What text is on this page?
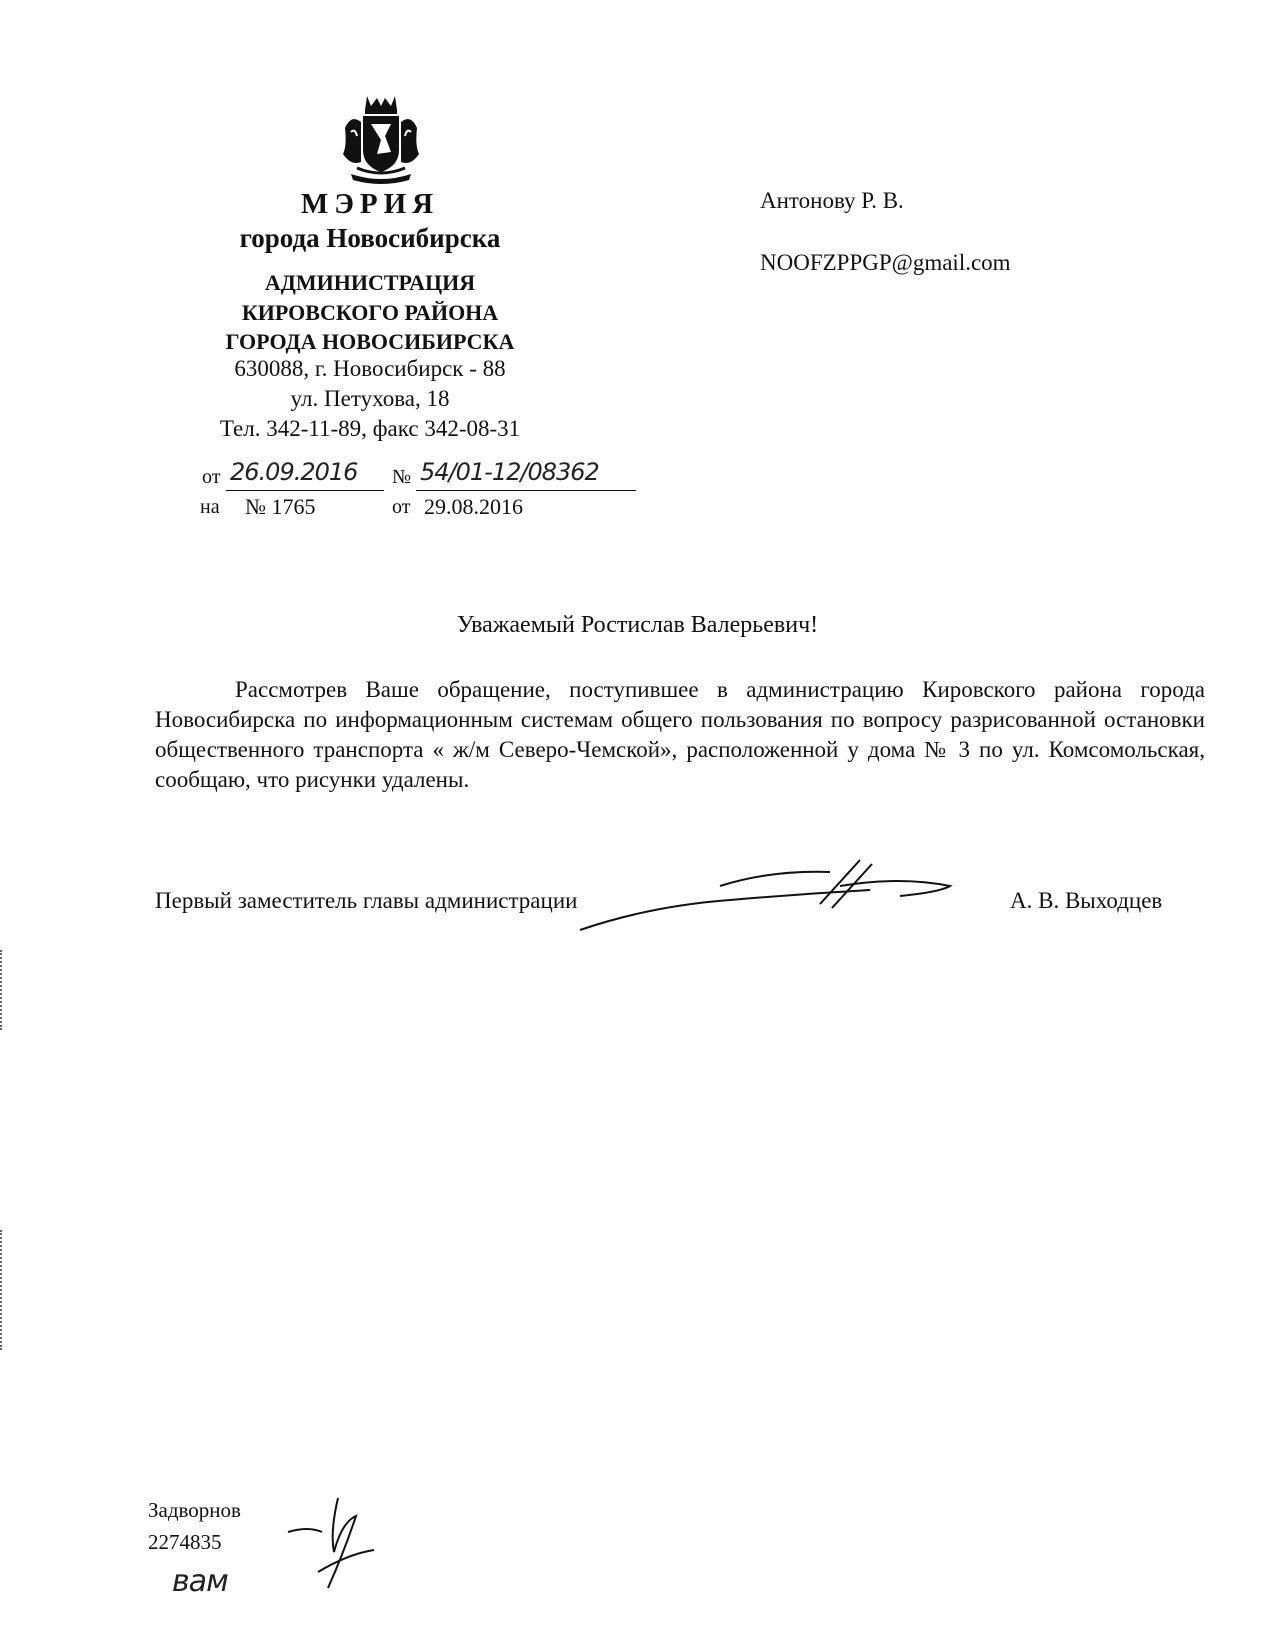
МЭРИЯ
города Новосибирска
АДМИНИСТРАЦИЯ
КИРОВСКОГО РАЙОНА
ГОРОДА НОВОСИБИРСКА
630088, г. Новосибирск - 88
ул. Петухова, 18
Тел. 342-11-89, факс 342-08-31
от 26.09.2016 № 54/01-12/08362
на № 1765	от 29.08.2016
Антонову Р. В.
NOOFZPPGP@gmail.com
Уважаемый Ростислав Валерьевич!
Рассмотрев Ваше обращение, поступившее в администрацию Кировского района города Новосибирска по информационным системам общего пользования по вопросу разрисованной остановки общественного транспорта « ж/м Северо-Чемской», расположенной у дома № 3 по ул. Комсомольская, сообщаю, что рисунки удалены.
Первый заместитель главы администрации	А. В. Выходцев
Задворнов
2274835
вам
